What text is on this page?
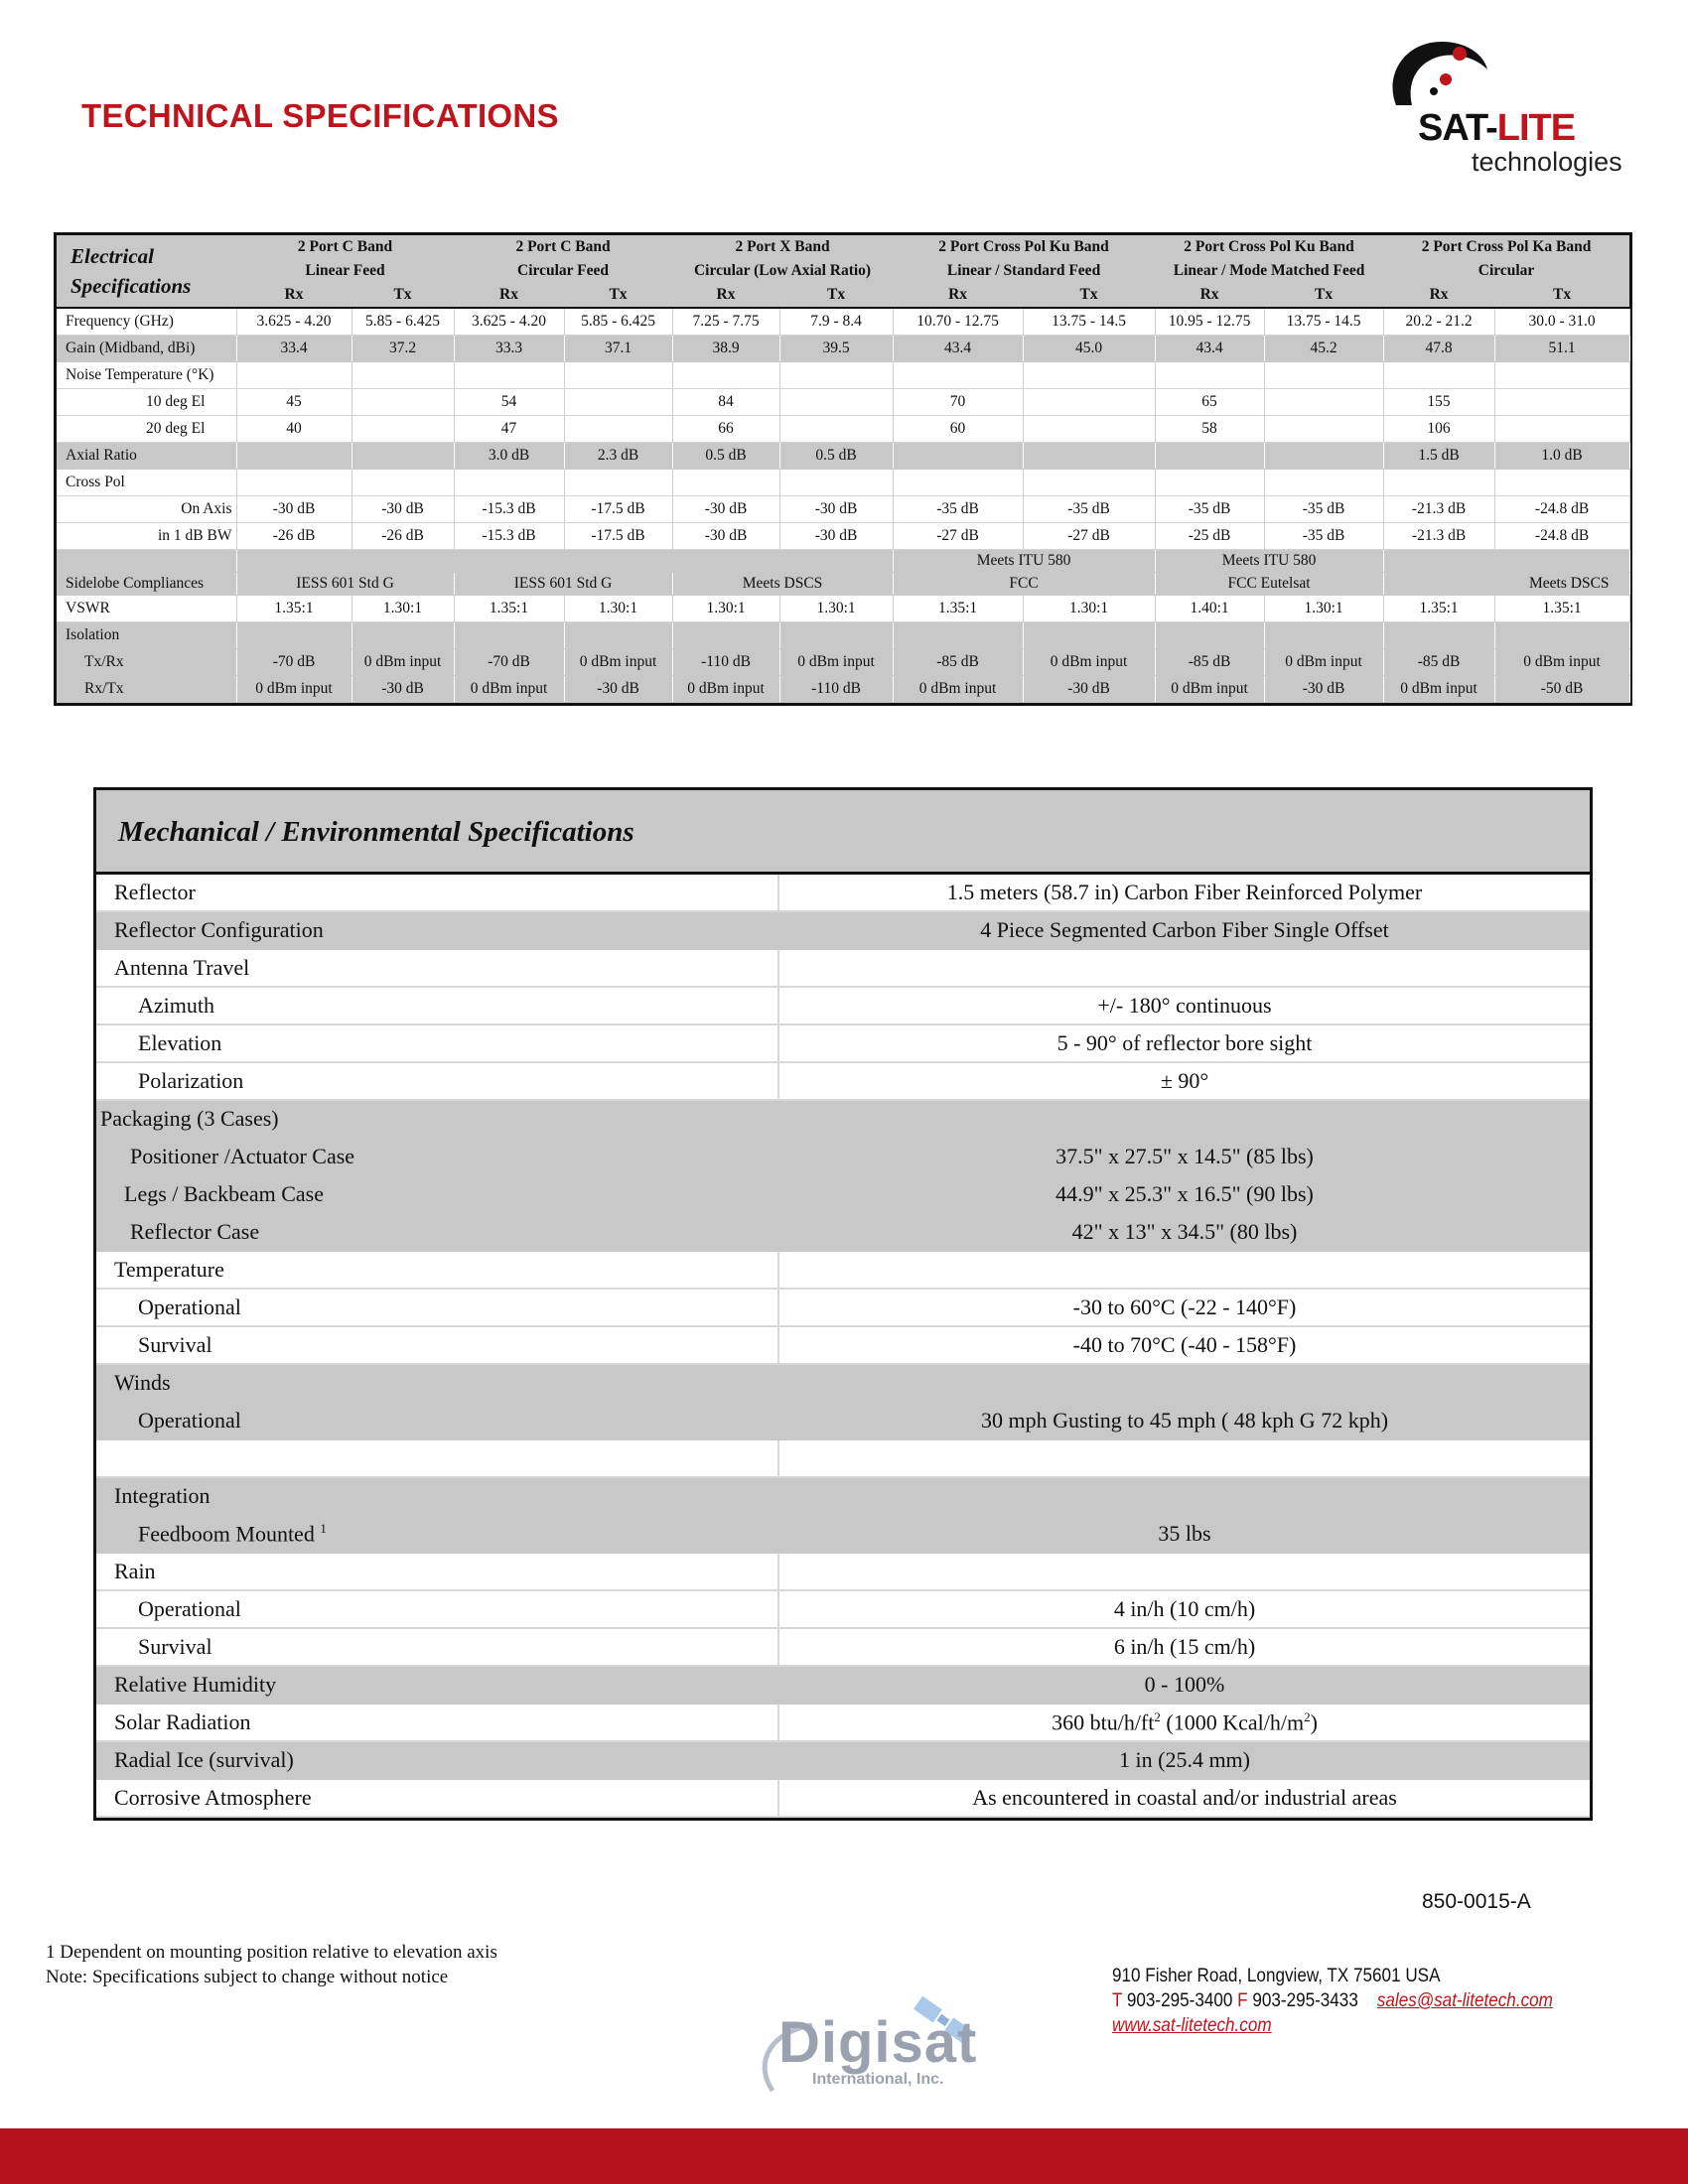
TECHNICAL SPECIFICATIONS	SAT-LITE
technologies
Electrical
Specifications	2 Port C Band		2 Port C Band		2 Port X Band		2 Port Cross Pol Ku Band		2 Port Cross Pol Ku Band		2 Port Cross Pol Ka Band	
	Linear Feed		Circular Feed		Circular (Low Axial Ratio)		Linear / Standard Feed		Linear / Mode Matched Feed		Circular	
	Rx	Tx	Rx	Tx	Rx	Tx	Rx	Tx	Rx	Tx	Rx	Tx
Frequency (GHz)	3.625 - 4.20	5.85 - 6.425	3.625 - 4.20	5.85 - 6.425	7.25 - 7.75	7.9 - 8.4	10.70 - 12.75	13.75 - 14.5	10.95 - 12.75	13.75 - 14.5	20.2 - 21.2	30.0 - 31.0
Gain (Midband, dBi)	33.4	37.2	33.3	37.1	38.9	39.5	43.4	45.0	43.4	45.2	47.8	51.1
Noise Temperature (°K)												
10 deg El	45		54		84		70		65		155	
20 deg El	40		47		66		60		58		106	
Axial Ratio			3.0 dB	2.3 dB	0.5 dB	0.5 dB					1.5 dB	1.0 dB
Cross Pol												
On Axis	-30 dB	-30 dB	-15.3 dB	-17.5 dB	-30 dB	-30 dB	-35 dB	-35 dB	-35 dB	-35 dB	-21.3 dB	-24.8 dB
in 1 dB BW	-26 dB	-26 dB	-15.3 dB	-17.5 dB	-30 dB	-30 dB	-27 dB	-27 dB	-25 dB	-35 dB	-21.3 dB	-24.8 dB
							Meets ITU 580		Meets ITU 580			
Sidelobe Compliances	IESS 601 Std G		IESS 601 Std G		Meets DSCS		FCC		FCC Eutelsat		Meets DSCS	
VSWR	1.35:1	1.30:1	1.35:1	1.30:1	1.30:1	1.30:1	1.35:1	1.30:1	1.40:1	1.30:1	1.35:1	1.35:1
Isolation												
Tx/Rx	-70 dB	0 dBm input	-70 dB	0 dBm input	-110 dB	0 dBm input	-85 dB	0 dBm input	-85 dB	0 dBm input	-85 dB	0 dBm input
Rx/Tx	0 dBm input	-30 dB	0 dBm input	-30 dB	0 dBm input	-110 dB	0 dBm input	-30 dB	0 dBm input	-30 dB	0 dBm input	-50 dB
Mechanical / Environmental Specifications
Reflector	1.5 meters (58.7 in) Carbon Fiber Reinforced Polymer
Reflector Configuration	4 Piece Segmented Carbon Fiber Single Offset
Antenna Travel	
Azimuth	+/- 180° continuous
Elevation	5 - 90° of reflector bore sight
Polarization	± 90°
Packaging (3 Cases)	
Positioner /Actuator Case	37.5" x 27.5" x 14.5" (85 lbs)
Legs / Backbeam Case	44.9" x 25.3" x 16.5" (90 lbs)
Reflector Case	42" x 13" x 34.5" (80 lbs)
Temperature	
Operational	-30 to 60°C (-22 - 140°F)
Survival	-40 to 70°C (-40 - 158°F)
Winds	
Operational	30 mph Gusting to 45 mph ( 48 kph G 72 kph)

Integration	
Feedboom Mounted $^1$	35 lbs
Rain	
Operational	4 in/h (10 cm/h)
Survival	6 in/h (15 cm/h)
Relative Humidity	0 - 100%
Solar Radiation	360 btu/$h/ft^2$ (1000 Kcal/$h/m^2$)
Radial Ice (survival)	1 in (25.4 mm)
Corrosive Atmosphere	As encountered in coastal and/or industrial areas
850-0015-A
1 Dependent on mounting position relative to elevation axis
Note: Specifications subject to change without notice
Digisat
International, Inc.
910 Fisher Road, Longview, TX 75601 USA
T 903-295-3400 F 903-295-3433 sales@sat-litetech.com
www.sat-litetech.com
